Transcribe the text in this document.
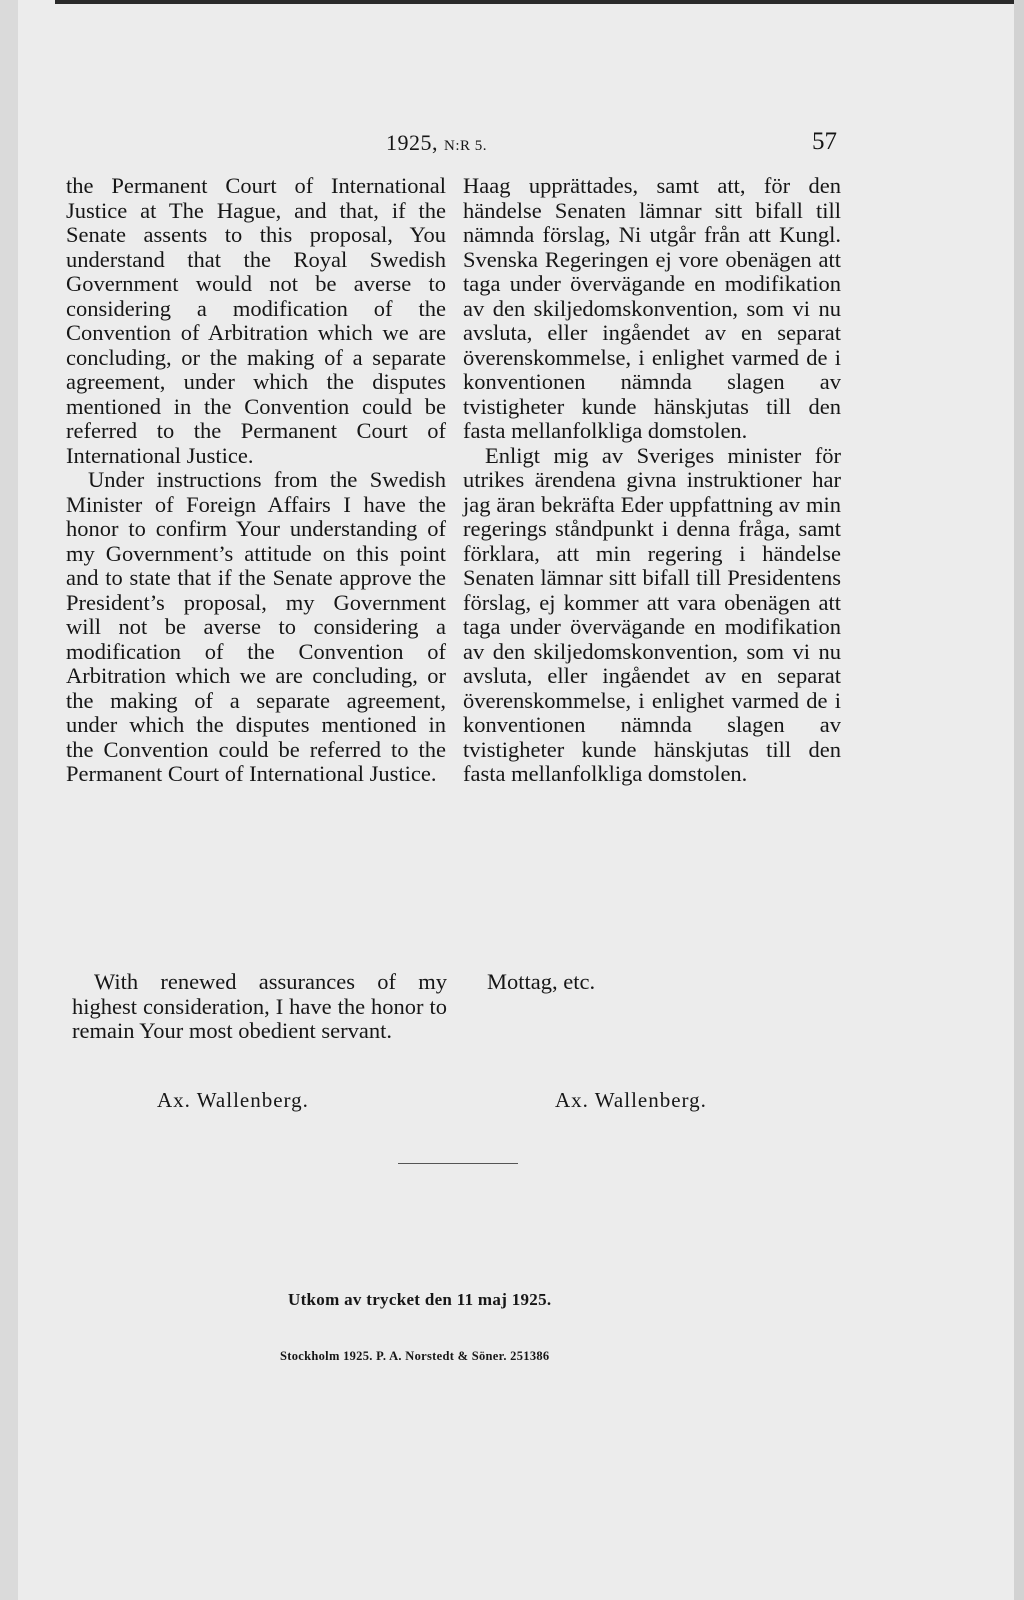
1925, N:R 5.	57

the Permanent Court of International Justice at The Hague, and that, if the Senate assents to this proposal, You understand that the Royal Swedish Government would not be averse to considering a modification of the Convention of Arbitration which we are concluding, or the making of a separate agreement, under which the disputes mentioned in the Convention could be referred to the Permanent Court of International Justice.

Under instructions from the Swedish Minister of Foreign Affairs I have the honor to confirm Your understanding of my Government’s attitude on this point and to state that if the Senate approve the President’s proposal, my Government will not be averse to considering a modification of the Convention of Arbitration which we are concluding, or the making of a separate agreement, under which the disputes mentioned in the Convention could be referred to the Permanent Court of International Justice.

Haag upprättades, samt att, för den händelse Senaten lämnar sitt bifall till nämnda förslag, Ni utgår från att Kungl. Svenska Regeringen ej vore obenägen att taga under övervägande en modifikation av den skiljedomskonvention, som vi nu avsluta, eller ingåendet av en separat överenskommelse, i enlighet varmed de i konventionen nämnda slagen av tvistigheter kunde hänskjutas till den fasta mellanfolkliga domstolen.

Enligt mig av Sveriges minister för utrikes ärendena givna instruktioner har jag äran bekräfta Eder uppfattning av min regerings ståndpunkt i denna fråga, samt förklara, att min regering i händelse Senaten lämnar sitt bifall till Presidentens förslag, ej kommer att vara obenägen att taga under övervägande en modifikation av den skiljedomskonvention, som vi nu avsluta, eller ingåendet av en separat överenskommelse, i enlighet varmed de i konventionen nämnda slagen av tvistigheter kunde hänskjutas till den fasta mellanfolkliga domstolen.

With renewed assurances of my highest consideration, I have the honor to remain Your most obedient servant.
Mottag, etc.
Ax. Wallenberg.	Ax. Wallenberg.
Utkom av trycket den 11 maj 1925.
Stockholm 1925. P. A. Norstedt & Söner. 251386
